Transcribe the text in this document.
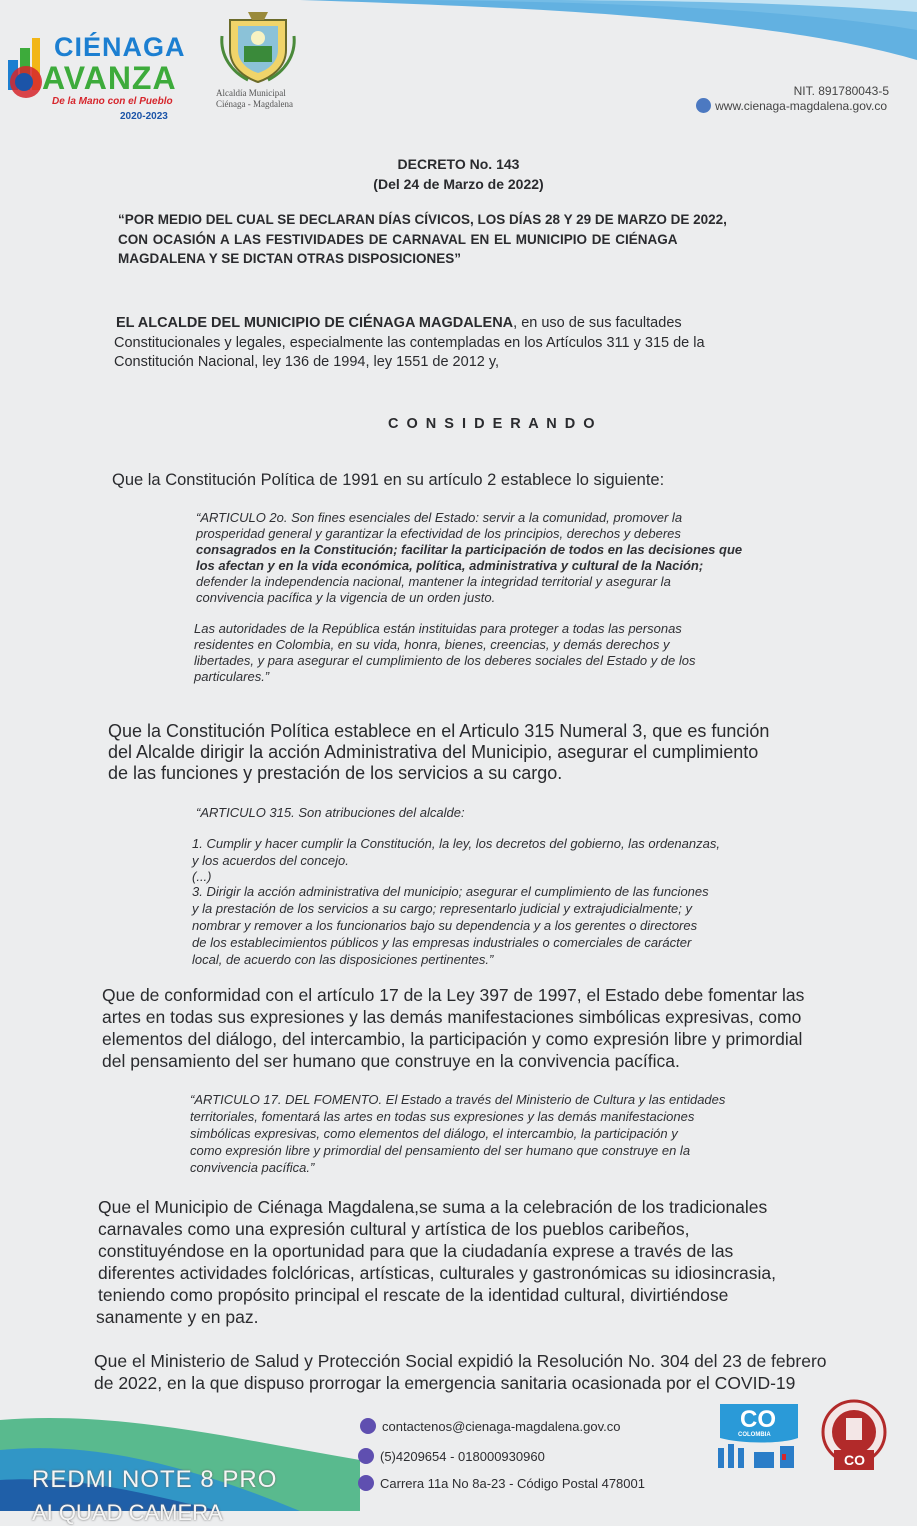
CIÉNAGA
AVANZA
De la Mano con el Pueblo
2020-2023
Alcaldía Municipal
Ciénaga - Magdalena
NIT. 891780043-5
www.cienaga-magdalena.gov.co
DECRETO No. 143
(Del 24 de Marzo de 2022)
“POR MEDIO DEL CUAL SE DECLARAN DÍAS CÍVICOS, LOS DÍAS 28 Y 29 DE MARZO DE 2022,
CON OCASIÓN A LAS FESTIVIDADES DE CARNAVAL EN EL MUNICIPIO DE CIÉNAGA
MAGDALENA Y SE DICTAN OTRAS DISPOSICIONES”
EL ALCALDE DEL MUNICIPIO DE CIÉNAGA MAGDALENA, en uso de sus facultades
Constitucionales y legales, especialmente las contempladas en los Artículos 311 y 315 de la
Constitución Nacional, ley 136 de 1994, ley 1551 de 2012 y,
C O N S I D E R A N D O
Que la Constitución Política de 1991 en su artículo 2 establece lo siguiente:
“ARTICULO 2o. Son fines esenciales del Estado: servir a la comunidad, promover la
prosperidad general y garantizar la efectividad de los principios, derechos y deberes
consagrados en la Constitución; facilitar la participación de todos en las decisiones que
los afectan y en la vida económica, política, administrativa y cultural de la Nación;
defender la independencia nacional, mantener la integridad territorial y asegurar la
convivencia pacífica y la vigencia de un orden justo.
Las autoridades de la República están instituidas para proteger a todas las personas
residentes en Colombia, en su vida, honra, bienes, creencias, y demás derechos y
libertades, y para asegurar el cumplimiento de los deberes sociales del Estado y de los
particulares.”
Que la Constitución Política establece en el Articulo 315 Numeral 3, que es función
del Alcalde dirigir la acción Administrativa del Municipio, asegurar el cumplimiento
de las funciones y prestación de los servicios a su cargo.
“ARTICULO 315. Son atribuciones del alcalde:
1. Cumplir y hacer cumplir la Constitución, la ley, los decretos del gobierno, las ordenanzas,
y los acuerdos del concejo.
(...)
3. Dirigir la acción administrativa del municipio; asegurar el cumplimiento de las funciones
y la prestación de los servicios a su cargo; representarlo judicial y extrajudicialmente; y
nombrar y remover a los funcionarios bajo su dependencia y a los gerentes o directores
de los establecimientos públicos y las empresas industriales o comerciales de carácter
local, de acuerdo con las disposiciones pertinentes.”
Que de conformidad con el artículo 17 de la Ley 397 de 1997, el Estado debe fomentar las
artes en todas sus expresiones y las demás manifestaciones simbólicas expresivas, como
elementos del diálogo, del intercambio, la participación y como expresión libre y primordial
del pensamiento del ser humano que construye en la convivencia pacífica.
“ARTICULO 17. DEL FOMENTO. El Estado a través del Ministerio de Cultura y las entidades
territoriales, fomentará las artes en todas sus expresiones y las demás manifestaciones
simbólicas expresivas, como elementos del diálogo, el intercambio, la participación y
como expresión libre y primordial del pensamiento del ser humano que construye en la
convivencia pacífica.”
Que el Municipio de Ciénaga Magdalena,se suma a la celebración de los tradicionales
carnavales como una expresión cultural y artística de los pueblos caribeños,
constituyéndose en la oportunidad para que la ciudadanía exprese a través de las
diferentes actividades folclóricas, artísticas, culturales y gastronómicas su idiosincrasia,
teniendo como propósito principal el rescate de la identidad cultural, divirtiéndose
sanamente y en paz.
Que el Ministerio de Salud y Protección Social expidió la Resolución No. 304 del 23 de febrero
de 2022, en la que dispuso prorrogar la emergencia sanitaria ocasionada por el COVID-19
contactenos@cienaga-magdalena.gov.co
(5)4209654 - 018000930960
Carrera 11a No 8a-23 - Código Postal 478001
CO
COLOMBIA
CO
REDMI NOTE 8 PRO
AI QUAD CAMERA
